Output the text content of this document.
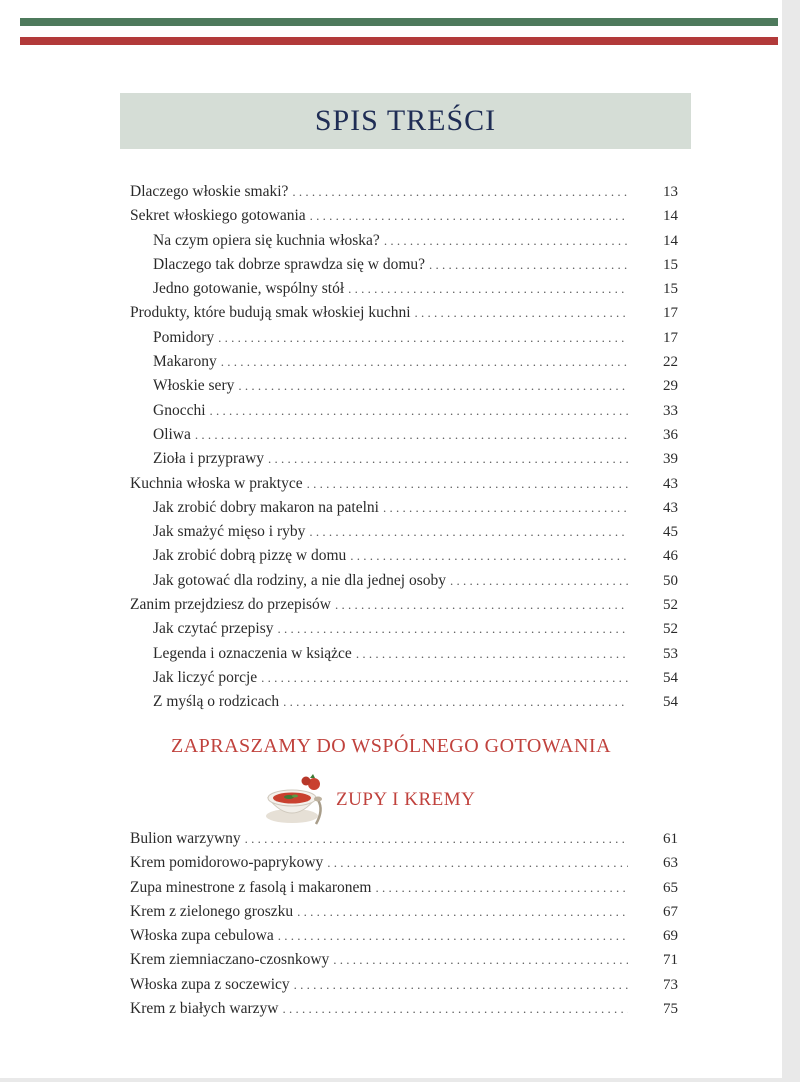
SPIS TREŚCI
Dlaczego włoskie smaki? . . .	13
Sekret włoskiego gotowania . . .	14
Na czym opiera się kuchnia włoska? . . .	14
Dlaczego tak dobrze sprawdza się w domu? . . .	15
Jedno gotowanie, wspólny stół . . .	15
Produkty, które budują smak włoskiej kuchni . . .	17
Pomidory . . .	17
Makarony . . .	22
Włoskie sery . . .	29
Gnocchi . . .	33
Oliwa . . .	36
Zioła i przyprawy . . .	39
Kuchnia włoska w praktyce . . .	43
Jak zrobić dobry makaron na patelni . . .	43
Jak smażyć mięso i ryby . . .	45
Jak zrobić dobrą pizzę w domu . . .	46
Jak gotować dla rodziny, a nie dla jednej osoby . . .	50
Zanim przejdziesz do przepisów . . .	52
Jak czytać przepisy . . .	52
Legenda i oznaczenia w książce . . .	53
Jak liczyć porcje . . .	54
Z myślą o rodzicach . . .	54
ZAPRASZAMY DO WSPÓLNEGO GOTOWANIA
ZUPY I KREMY
Bulion warzywny . . .	61
Krem pomidorowo-paprykowy . . .	63
Zupa minestrone z fasolą i makaronem . . .	65
Krem z zielonego groszku . . .	67
Włoska zupa cebulowa . . .	69
Krem ziemniaczano-czosnkowy . . .	71
Włoska zupa z soczewicy . . .	73
Krem z białych warzyw . . .	75
